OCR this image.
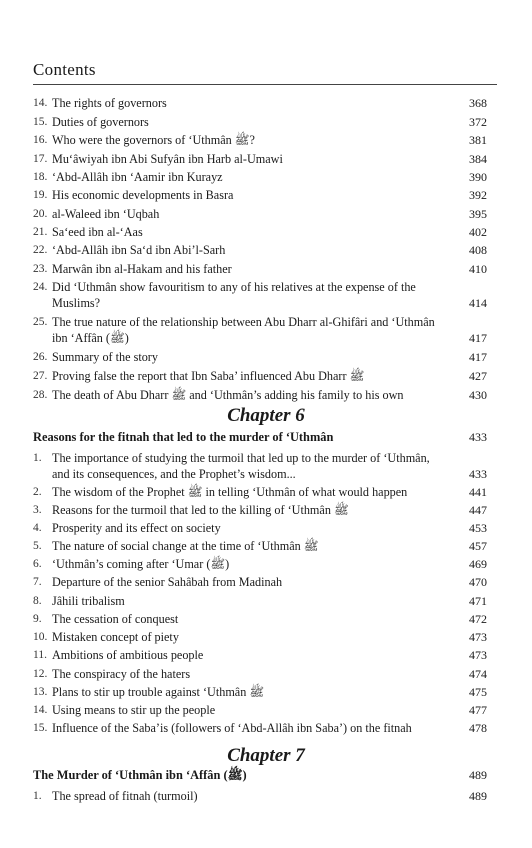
Contents
14. The rights of governors	368
15. Duties of governors	372
16. Who were the governors of ‘Uthmân ﷺ?	381
17. Mu‘âwiyah ibn Abi Sufyân ibn Harb al-Umawi	384
18. ‘Abd-Allâh ibn ‘Aamir ibn Kurayz	390
19. His economic developments in Basra	392
20. al-Waleed ibn ‘Uqbah	395
21. Sa‘eed ibn al-‘Aas	402
22. ‘Abd-Allâh ibn Sa‘d ibn Abi’l-Sarh	408
23. Marwân ibn al-Hakam and his father	410
24. Did ‘Uthmân show favouritism to any of his relatives at the expense of the Muslims?	414
25. The true nature of the relationship between Abu Dharr al-Ghifâri and ‘Uthmân ibn ‘Affân (ﷺ)	417
26. Summary of the story	417
27. Proving false the report that Ibn Saba’ influenced Abu Dharr ﷺ	427
28. The death of Abu Dharr ﷺ and ‘Uthmân’s adding his family to his own	430
Chapter 6
Reasons for the fitnah that led to the murder of ‘Uthmân	433
1. The importance of studying the turmoil that led up to the murder of ‘Uthmân, and its consequences, and the Prophet’s wisdom...	433
2. The wisdom of the Prophet ﷺ in telling ‘Uthmân of what would happen	441
3. Reasons for the turmoil that led to the killing of ‘Uthmân ﷺ	447
4. Prosperity and its effect on society	453
5. The nature of social change at the time of ‘Uthmân ﷺ	457
6. ‘Uthmân’s coming after ‘Umar (ﷺ)	469
7. Departure of the senior Sahâbah from Madinah	470
8. Jâhili tribalism	471
9. The cessation of conquest	472
10. Mistaken concept of piety	473
11. Ambitions of ambitious people	473
12. The conspiracy of the haters	474
13. Plans to stir up trouble against ‘Uthmân ﷺ	475
14. Using means to stir up the people	477
15. Influence of the Saba’is (followers of ‘Abd-Allâh ibn Saba’) on the fitnah	478
Chapter 7
The Murder of ‘Uthmân ibn ‘Affân (ﷺ)	489
1. The spread of fitnah (turmoil)	489
